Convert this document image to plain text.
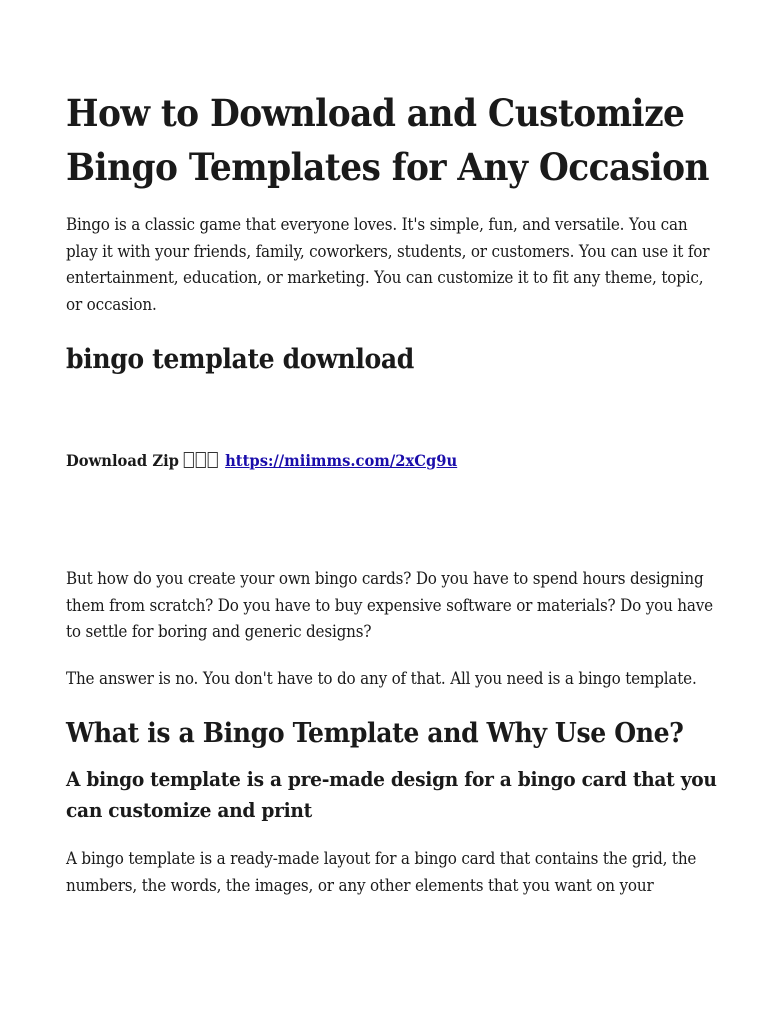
How to Download and Customize Bingo Templates for Any Occasion

Bingo is a classic game that everyone loves. It's simple, fun, and versatile. You can play it with your friends, family, coworkers, students, or customers. You can use it for entertainment, education, or marketing. You can customize it to fit any theme, topic, or occasion.

bingo template download

Download Zip	https://miimms.com/2xCg9u

But how do you create your own bingo cards? Do you have to spend hours designing them from scratch? Do you have to buy expensive software or materials? Do you have to settle for boring and generic designs?

The answer is no. You don't have to do any of that. All you need is a bingo template.

What is a Bingo Template and Why Use One?
A bingo template is a pre-made design for a bingo card that you can customize and print

A bingo template is a ready-made layout for a bingo card that contains the grid, the numbers, the words, the images, or any other elements that you want on your
